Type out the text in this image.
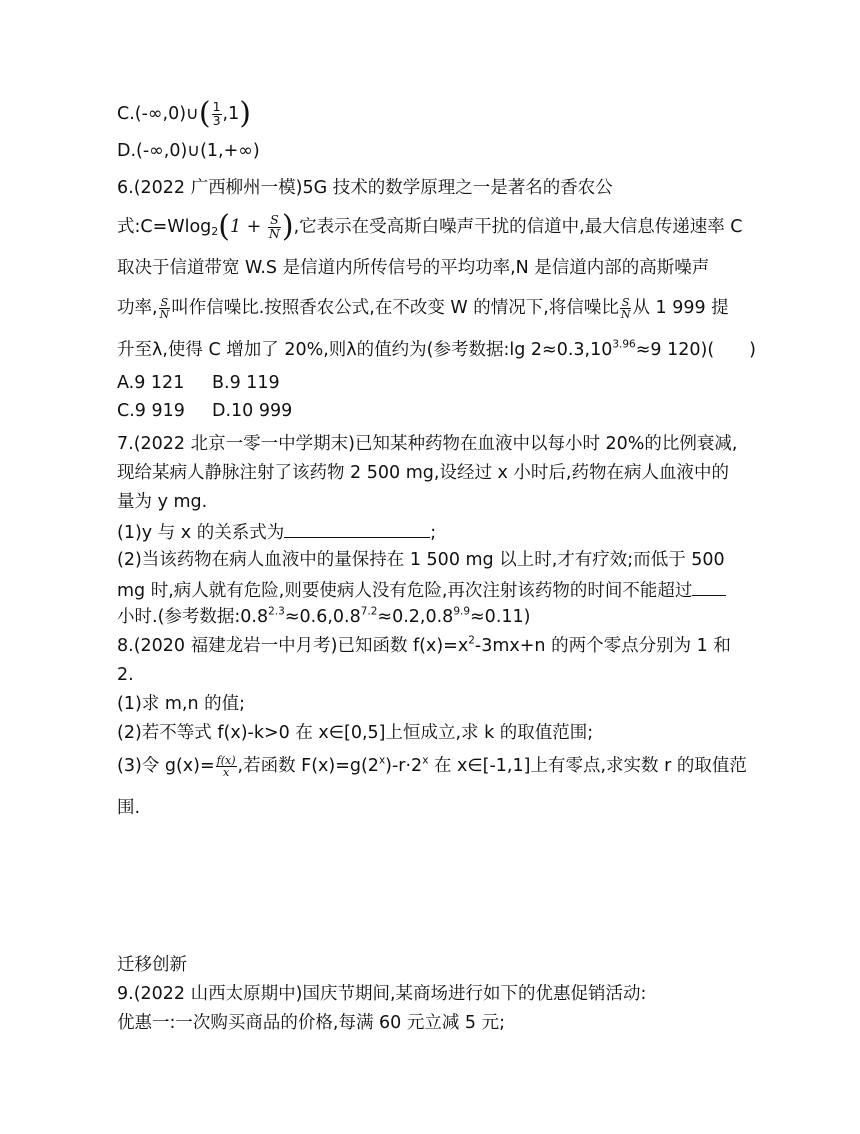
C.(-∞,0)∪( $\frac{1}{3} ,1$)
D.(-∞,0)∪(1,+∞)
6.(2022 广西柳州一模)5G 技术的数学原理之一是著名的香农公
式:C=Wlog$_2$(1 + $\frac{S}{N}$ ),它表示在受高斯白噪声干扰的信道中,最大信息传递速率 C
取决于信道带宽 W.S 是信道内所传信号的平均功率,N 是信道内部的高斯噪声
功率, $\frac{S}{N}$ 叫作信噪比.按照香农公式,在不改变 W 的情况下,将信噪比 $\frac{S}{N}$ 从 1 999 提
升至λ,使得 C 增加了 20%,则λ的值约为(参考数据:lg $2\approx 0.3,10^{3.96}\approx 9$ 120)(　　)
A.9 121 B.9 119
C.9 919 D.10 999
7.(2022 北京一零一中学期末)已知某种药物在血液中以每小时 20%的比例衰减,
现给某病人静脉注射了该药物 2 500 mg,设经过 x 小时后,药物在病人血液中的
量为 y mg.
(1)y 与 x 的关系式为	;
(2)当该药物在病人血液中的量保持在 1 500 mg 以上时,才有疗效;而低于 500
mg 时,病人就有危险,则要使病人没有危险,再次注射该药物的时间不能超过
小时.(参考数据$:0.8^{2.3}\approx 0.6,0.8^{7.2}\approx 0.2,0.8^{9.9}\approx 0.11$)
8.(2020 福建龙岩一中月考)已知函数 $f(x)=x^2-3mx+n$ 的两个零点分别为 1 和
2.
(1)求 m,n 的值;
(2)若不等式 f(x)-k>0 在 x∈[0,5]上恒成立,求 k 的取值范围;
(3)令 $g(x)= \frac{f(x)}{x}$ ,若函数 $F(x)=g(2^x)-r\cdot 2^x$ 在 x∈[-1,1]上有零点,求实数 r 的取值范
围.
迁移创新
9.(2022 山西太原期中)国庆节期间,某商场进行如下的优惠促销活动:
优惠一:一次购买商品的价格,每满 60 元立减 5 元;
